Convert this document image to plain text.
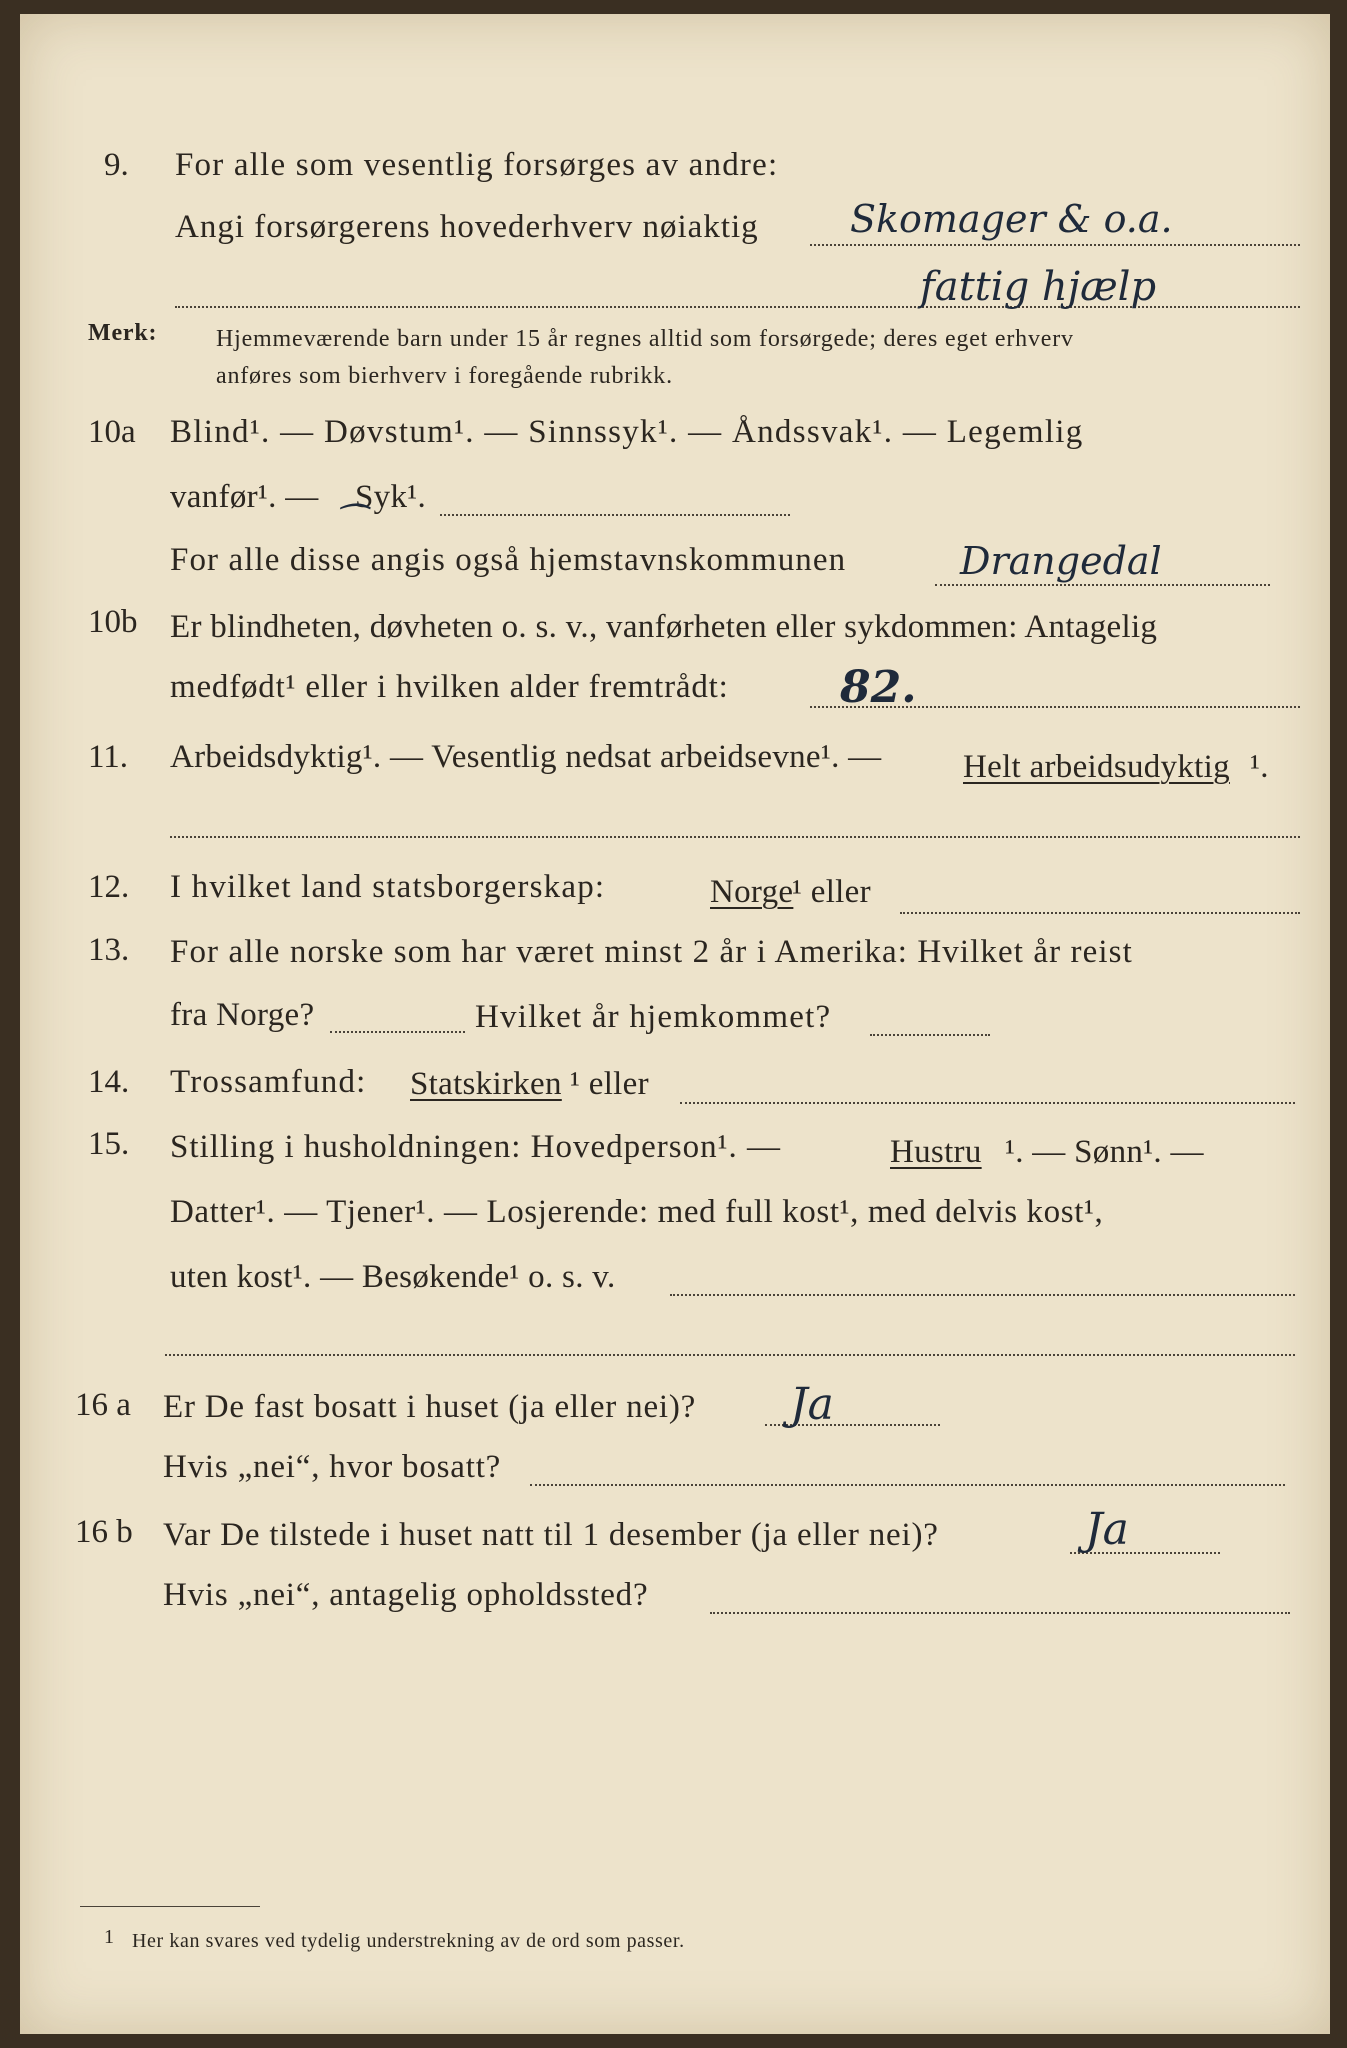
9. For alle som vesentlig forsørges av andre:
Angi forsørgerens hovederhverv nøiaktig Skomager & o.a.
fattig hjælp
Merk: Hjemmeværende barn under 15 år regnes alltid som forsørgede; deres eget erhverv
anføres som bierhverv i foregående rubrikk.
10a Blind¹. — Døvstum¹. — Sinnssyk¹. — Åndssvak¹. — Legemlig
vanfør¹. — Syk¹.
⁀
For alle disse angis også hjemstavnskommunen	Drangedal
10b Er blindheten, døvheten o. s. v., vanførheten eller sykdommen: Antagelig
medfødt¹ eller i hvilken alder fremtrådt:	82.
11. Arbeidsdyktig¹. — Vesentlig nedsat arbeidsevne¹. — Helt arbeidsudyktig ¹.
12. I hvilket land statsborgerskap:	Norge
¹ eller
13. For alle norske som har været minst 2 år i Amerika: Hvilket år reist
fra Norge?	Hvilket år hjemkommet?
14. Trossamfund: Statskirken ¹ eller
15. Stilling i husholdningen: Hovedperson¹. —	Hustru ¹. — Sønn¹. —
Datter¹. — Tjener¹. — Losjerende: med full kost¹, med delvis kost¹,
uten kost¹. — Besøkende¹ o. s. v.
16 a Er De fast bosatt i huset (ja eller nei)? Ja
Hvis „nei“, hvor bosatt?
16 b Var De tilstede i huset natt til 1 desember (ja eller nei)?	Ja
Hvis „nei“, antagelig opholdssted?
1 Her kan svares ved tydelig understrekning av de ord som passer.
